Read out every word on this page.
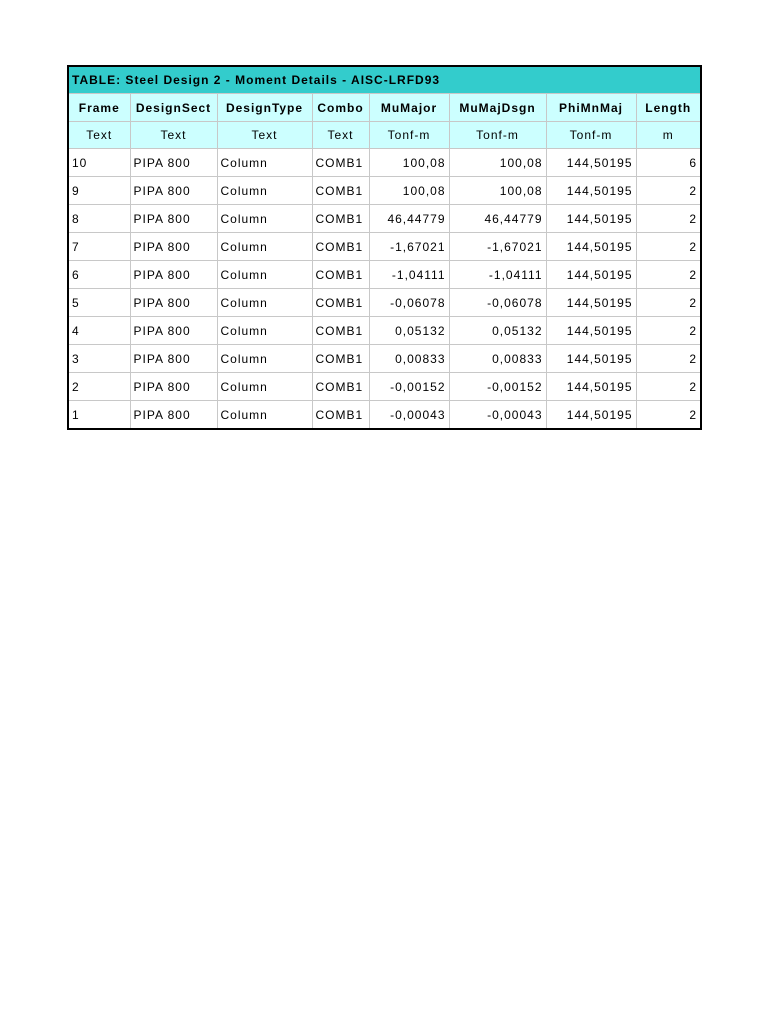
TABLE: Steel Design 2 - Moment Details - AISC-LRFD93							
Frame	DesignSect	DesignType	Combo	MuMajor	MuMajDsgn	PhiMnMaj	Length
Text	Text	Text	Text	Tonf-m	Tonf-m	Tonf-m	m
10	PIPA 800	Column	COMB1	100,08	100,08	144,50195	6
9	PIPA 800	Column	COMB1	100,08	100,08	144,50195	2
8	PIPA 800	Column	COMB1	46,44779	46,44779	144,50195	2
7	PIPA 800	Column	COMB1	-1,67021	-1,67021	144,50195	2
6	PIPA 800	Column	COMB1	-1,04111	-1,04111	144,50195	2
5	PIPA 800	Column	COMB1	-0,06078	-0,06078	144,50195	2
4	PIPA 800	Column	COMB1	0,05132	0,05132	144,50195	2
3	PIPA 800	Column	COMB1	0,00833	0,00833	144,50195	2
2	PIPA 800	Column	COMB1	-0,00152	-0,00152	144,50195	2
1	PIPA 800	Column	COMB1	-0,00043	-0,00043	144,50195	2
